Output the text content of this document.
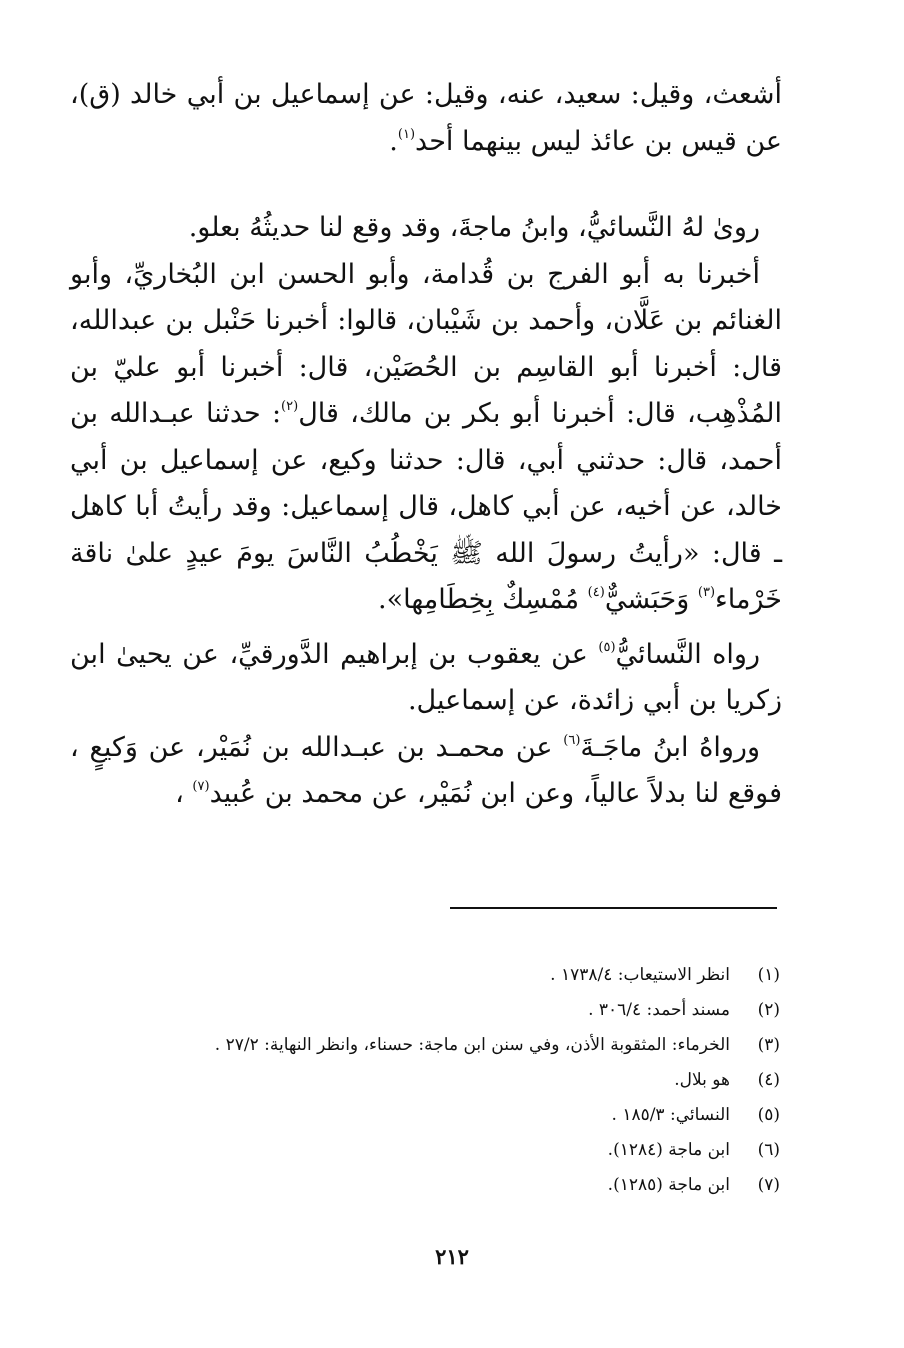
أشعث، وقيل: سعيد، عنه، وقيل: عن إسماعيل بن أبي خالد (ق)، عن قيس بن عائذ ليس بينهما أحد$^{(١)}$.

روىٰ لهُ النَّسائيُّ، وابنُ ماجةَ، وقد وقع لنا حديثُهُ بعلو.

أخبرنا به أبو الفرج بن قُدامة، وأبو الحسن ابن البُخاريِّ، وأبو الغنائم بن عَلَّان، وأحمد بن شَيْبان، قالوا: أخبرنا حَنْبل بن عبدالله، قال: أخبرنا أبو القاسِم بن الحُصَيْن، قال: أخبرنا أبو عليّ بن المُذْهِب، قال: أخبرنا أبو بكر بن مالك، قال$^{(٢)}$: حدثنا عبـدالله بن أحمد، قال: حدثني أبي، قال: حدثنا وكيع، عن إسماعيل بن أبي خالد، عن أخيه، عن أبي كاهل، قال إسماعيل: وقد رأيتُ أبا كاهل ـ قال: «رأيتُ رسولَ الله ﷺ يَخْطُبُ النَّاسَ يومَ عيدٍ علىٰ ناقة خَرْماء$^{(٣)}$ وَحَبَشيٌّ$^{(٤)}$ مُمْسِكٌ بِخِطَامِها».

رواه النَّسائيُّ$^{(٥)}$ عن يعقوب بن إبراهيم الدَّورقيِّ، عن يحيىٰ ابن زكريا بن أبي زائدة، عن إسماعيل.

ورواهُ ابنُ ماجَـةَ$^{(٦)}$ عن محمـد بن عبـدالله بن نُمَيْر، عن وَكيعٍ ، فوقع لنا بدلاً عالياً، وعن ابن نُمَيْر، عن محمد بن عُبيد$^{(٧)}$ ،

(١)
انظر الاستيعاب: ١٧٣٨/٤ .
(٢)
مسند أحمد: ٣٠٦/٤ .
(٣)
الخرماء: المثقوبة الأذن، وفي سنن ابن ماجة: حسناء، وانظر النهاية: ٢٧/٢ .
(٤)
هو بلال.
(٥)
النسائي: ١٨٥/٣ .
(٦)
ابن ماجة (١٢٨٤).
(٧)
ابن ماجة (١٢٨٥).
٢١٢
